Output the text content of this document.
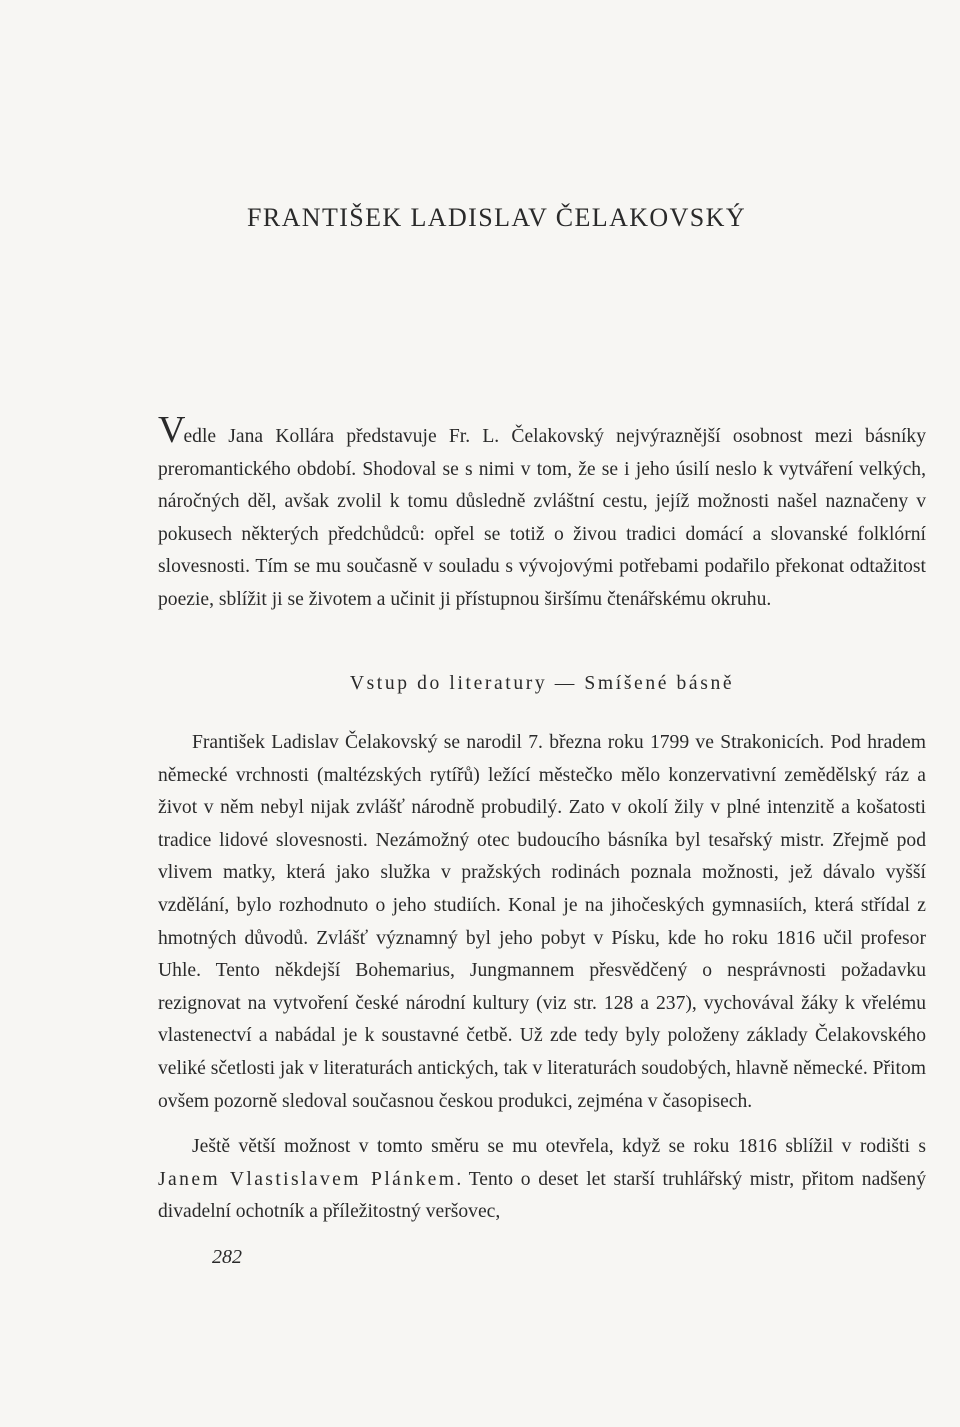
FRANTIŠEK LADISLAV ČELAKOVSKÝ

Vedle Jana Kollára představuje Fr. L. Čelakovský nejvýraznější osobnost mezi básníky preromantického období. Shodoval se s nimi v tom, že se i jeho úsilí neslo k vytváření velkých, náročných děl, avšak zvolil k tomu důsledně zvláštní cestu, jejíž možnosti našel naznačeny v pokusech některých předchůdců: opřel se totiž o živou tradici domácí a slovanské folklórní slovesnosti. Tím se mu současně v souladu s vývojovými potřebami podařilo překonat odtažitost poezie, sblížit ji se životem a učinit ji přístupnou širšímu čtenářskému okruhu.

Vstup do literatury — Smíšené básně

František Ladislav Čelakovský se narodil 7. března roku 1799 ve Strakonicích. Pod hradem německé vrchnosti (maltézských rytířů) ležící městečko mělo konzervativní zemědělský ráz a život v něm nebyl nijak zvlášť národně probudilý. Zato v okolí žily v plné intenzitě a košatosti tradice lidové slovesnosti. Nezámožný otec budoucího básníka byl tesařský mistr. Zřejmě pod vlivem matky, která jako služka v pražských rodinách poznala možnosti, jež dávalo vyšší vzdělání, bylo rozhodnuto o jeho studiích. Konal je na jihočeských gymnasiích, která střídal z hmotných důvodů. Zvlášť významný byl jeho pobyt v Písku, kde ho roku 1816 učil profesor Uhle. Tento někdejší Bohemarius, Jungmannem přesvědčený o nesprávnosti požadavku rezignovat na vytvoření české národní kultury (viz str. 128 a 237), vychovával žáky k vřelému vlastenectví a nabádal je k soustavné četbě. Už zde tedy byly položeny základy Čelakovského veliké sčetlosti jak v literaturách antických, tak v literaturách soudobých, hlavně německé. Přitom ovšem pozorně sledoval současnou českou produkci, zejména v časopisech.

Ještě větší možnost v tomto směru se mu otevřela, když se roku 1816 sblížil v rodišti s Janem Vlastislavem Plánkem. Tento o deset let starší truhlářský mistr, přitom nadšený divadelní ochotník a příležitostný veršovec,

282
